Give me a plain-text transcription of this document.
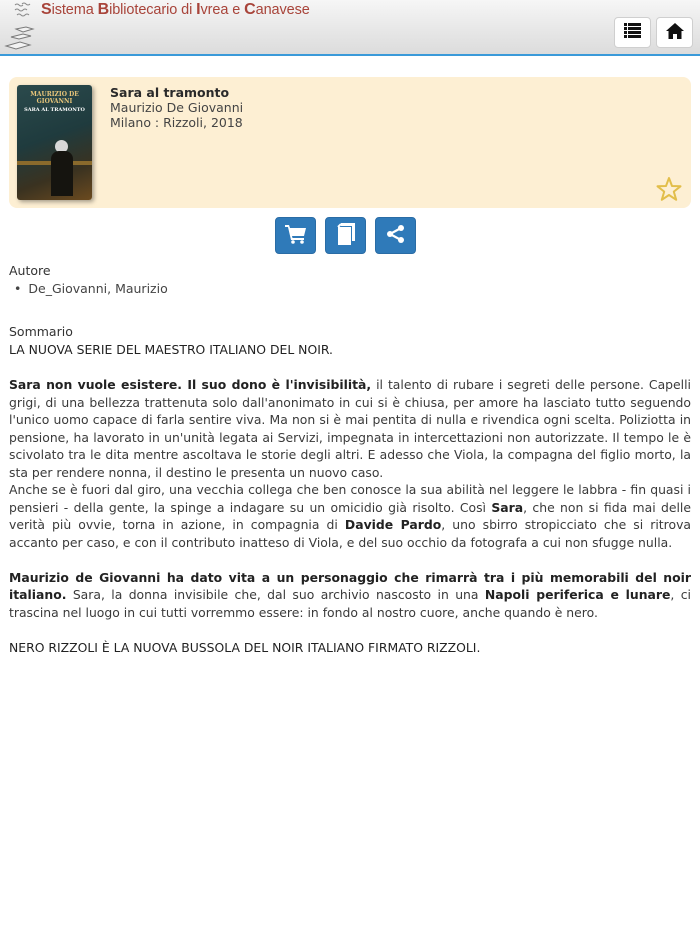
Sistema Bibliotecario di Ivrea e Canavese
MAURIZIO DE GIOVANNI
SARA AL TRAMONTO
Sara al tramonto
Maurizio De Giovanni
Milano : Rizzoli, 2018
Autore
• De_Giovanni, Maurizio
Sommario
LA NUOVA SERIE DEL MAESTRO ITALIANO DEL NOIR.

Sara non vuole esistere. Il suo dono è l'invisibilità, il talento di rubare i segreti delle persone. Capelli grigi, di una bellezza trattenuta solo dall'anonimato in cui si è chiusa, per amore ha lasciato tutto seguendo l'unico uomo capace di farla sentire viva. Ma non si è mai pentita di nulla e rivendica ogni scelta. Poliziotta in pensione, ha lavorato in un'unità legata ai Servizi, impegnata in intercettazioni non autorizzate. Il tempo le è scivolato tra le dita mentre ascoltava le storie degli altri. E adesso che Viola, la compagna del figlio morto, la sta per rendere nonna, il destino le presenta un nuovo caso.

Anche se è fuori dal giro, una vecchia collega che ben conosce la sua abilità nel leggere le labbra - fin quasi i pensieri - della gente, la spinge a indagare su un omicidio già risolto. Così Sara, che non si fida mai delle verità più ovvie, torna in azione, in compagnia di Davide Pardo, uno sbirro stropicciato che si ritrova accanto per caso, e con il contributo inatteso di Viola, e del suo occhio da fotografa a cui non sfugge nulla.

Maurizio de Giovanni ha dato vita a un personaggio che rimarrà tra i più memorabili del noir italiano. Sara, la donna invisibile che, dal suo archivio nascosto in una Napoli periferica e lunare, ci trascina nel luogo in cui tutti vorremmo essere: in fondo al nostro cuore, anche quando è nero.

NERO RIZZOLI È LA NUOVA BUSSOLA DEL NOIR ITALIANO FIRMATO RIZZOLI.
